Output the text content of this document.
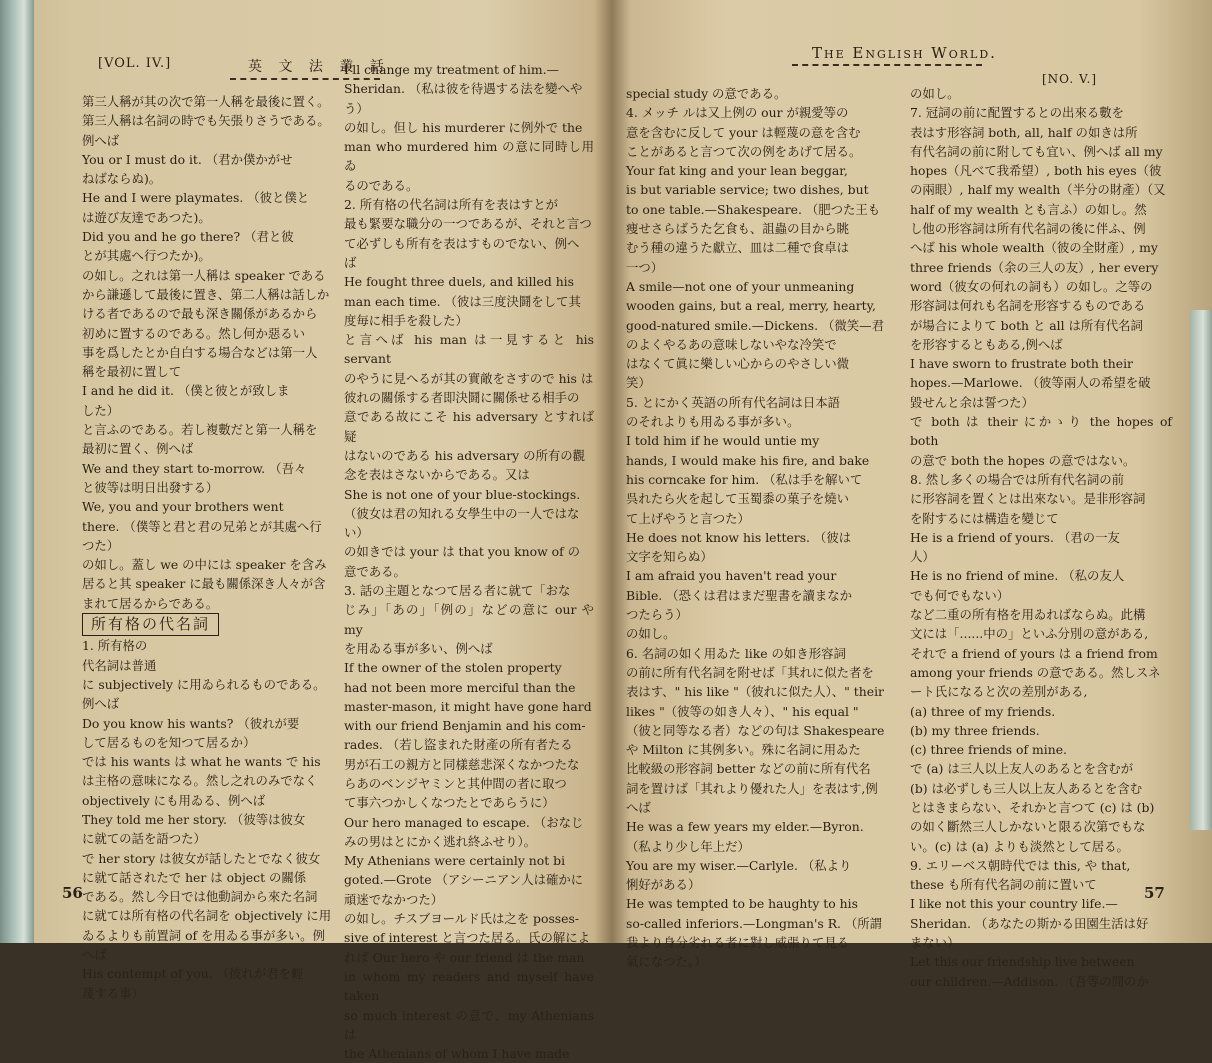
[VOL. IV.]	英 文 法 叢 話

第三人稱が其の次で第一人稱を最後に置く。

第三人稱は名詞の時でも矢張りさうである。

例へば

You or I must do it. （君か僕かがせ

ねばならぬ)。

He and I were playmates. （彼と僕と

は遊び友達であつた)。

Did you and he go there? （君と彼

とが其處へ行つたか)。

の如し。之れは第一人稱は speaker である

から謙遜して最後に置き、第二人稱は話しか

ける者であるので最も深き關係があるから

初めに置するのである。然し何か惡るい

事を爲したとか自白する場合などは第一人

稱を最初に置して

I and he did it. （僕と彼とが致しま

した）

と言ふのである。若し複數だと第一人稱を

最初に置く、例へば

We and they start to-morrow. （吾々

と彼等は明日出發する）

We, you and your brothers went

there. （僕等と君と君の兄弟とが其處へ行

つた）

の如し。蓋し we の中には speaker を含み

居ると其 speaker に最も關係深き人々が含

まれて居るからである。

所有格の代名詞

1. 所有格の

代名詞は普通

に subjectively に用ゐられるものである。

例へば

Do you know his wants? （彼れが要

して居るものを知つて居るか）

では his wants は what he wants で his

は主格の意味になる。然し之れのみでなく

objectively にも用ゐる、例へば

They told me her story. （彼等は彼女

に就ての話を語つた）

で her story は彼女が話したとでなく彼女

に就て話されたで her は object の關係

である。然し今日では他動詞から來た名詞

に就ては所有格の代名詞を objectively に用

ゐるよりも前置詞 of を用ゐる事が多い。例

へば

His contempt of you. （彼れが君を輕

蔑する事）

I'll change my treatment of him.—

Sheridan. （私は彼を待遇する法を變へや

う）

の如し。但し his murderer に例外で the

man who murdered him の意に同時し用ゐ

るのである。

2. 所有格の代名詞は所有を表はすとが

最も緊要な職分の一つであるが、それと言つ

て必ずしも所有を表はすものでない、例へ

ば

He fought three duels, and killed his

man each time. （彼は三度決鬪をして其

度毎に相手を殺した）

と言へば his man は一見すると his servant

のやうに見へるが其の實敵をさすので his は

彼れの關係する者即決鬪に關係せる相手の

意である故にこそ his adversary とすれば疑

はないのである his adversary の所有の觀

念を表はさないからである。又は

She is not one of your blue-stockings.

（彼女は君の知れる女學生中の一人ではな

い）

の如きでは your は that you know of の

意である。

3. 話の主題となつて居る者に就て「おな

じみ」「あの」「例の」などの意に our や my

を用ゐる事が多い、例へば

If the owner of the stolen property

had not been more merciful than the

master-mason, it might have gone hard

with our friend Benjamin and his com-

rades. （若し盜まれた財產の所有者たる

男が石工の親方と同樣慈悲深くなかつたな

らあのベンジヤミンと其仲間の者に取つ

て事六つかしくなつたとであらうに）

Our hero managed to escape. （おなじ

みの男はとにかく逃れ終ふせり）。

My Athenians were certainly not bi

goted.—Grote （アシーニアン人は確かに

頑迷でなかつた）

の如し。チスブヨールド氏は之を posses-

sive of interest と言つた居る。氏の解によ

れば Our hero や our friend は the man

in whom my readers and myself have taken

so much interest の意で、my Athenians は

the Athenians of whom I have made

56
The English World.
[NO. V.]

special study の意である。

4. メッチ ルは又上例の our が親愛等の

意を含むに反して your は輕蔑の意を含む

ことがあると言つて次の例をあげて居る。

Your fat king and your lean beggar,

is but variable service; two dishes, but

to one table.—Shakespeare. （肥つた王も

痩せさらばうた乞食も、詛蟲の目から眺

むう種の違うた獻立、皿は二種で食卓は

一つ）

A smile—not one of your unmeaning

wooden gains, but a real, merry, hearty,

good-natured smile.—Dickens. （微笑—君

のよくやるあの意味しないやな冷笑で

はなくて眞に樂しい心からのやさしい微

笑）

5. とにかく英語の所有代名詞は日本語

のそれよりも用ゐる事が多い。

I told him if he would untie my

hands, I would make his fire, and bake

his corncake for him. （私は手を解いて

呉れたら火を起して玉蜀黍の菓子を燒い

て上げやうと言つた）

He does not know his letters. （彼は

文字を知らぬ）

I am afraid you haven't read your

Bible. （恐くは君はまだ聖書を讀まなか

つたらう）

の如し。

6. 名詞の如く用ゐた like の如き形容詞

の前に所有代名詞を附せば「其れに似た者を

表はす、" his like "（彼れに似た人）、" their

likes "（彼等の如き人々）、" his equal "

（彼と同等なる者）などの句は Shakespeare

や Milton に其例多い。殊に名詞に用ゐた

比較級の形容詞 better などの前に所有代名

詞を置けば「其れより優れた人」を表はす,例

へば

He was a few years my elder.—Byron.

（私より少し年上だ）

You are my wiser.—Carlyle. （私より

悧好がある）

He was tempted to be haughty to his

so-called inferiors.—Longman's R. （所謂

我より身分劣れる者に對し威張りて見る

氣になつた。）

の如し。

7. 冠詞の前に配置するとの出來る數を

表はす形容詞 both, all, half の如きは所

有代名詞の前に附しても宜い、例へば all my

hopes（凡べて我希望）, both his eyes（彼

の兩眼）, half my wealth（半分の財產）（又

half of my wealth とも言ふ）の如し。然

し他の形容詞は所有代名詞の後に伴ふ、例

へば his whole wealth（彼の全財產）, my

three friends（余の三人の友）, her every

word（彼女の何れの詞も）の如し。之等の

形容詞は何れも名詞を形容するものである

が場合によりて both と all は所有代名詞

を形容するともある,例へば

I have sworn to frustrate both their

hopes.—Marlowe. （彼等兩人の希望を破

毀せんと余は誓つた）

で both は their にかゝり the hopes of both

の意で both the hopes の意ではない。

8. 然し多くの場合では所有代名詞の前

に形容詞を置くとは出來ない。是非形容詞

を附するには構造を變じて

He is a friend of yours. （君の一友

人）

He is no friend of mine. （私の友人

でも何でもない）

など二重の所有格を用ゐればならぬ。此構

文には「......中の」といふ分別の意がある,

それで a friend of yours は a friend from

among your friends の意である。然しスネ

ート氏になると次の差別がある,

(a) three of my friends.

(b) my three friends.

(c) three friends of mine.

で (a) は三人以上友人のあるとを含むが

(b) は必ずしも三人以上友人あるとを含む

とはきまらない、それかと言つて (c) は (b)

の如く斷然三人しかないと限る次第でもな

い。(c) は (a) よりも淡然として居る。

9. エリーベス朝時代では this, や that,

these も所有代名詞の前に置いて

I like not this your country life.—

Sheridan. （あなたの斯かる田園生活は好

まない）

Let this our friendship live between

our children.—Addison. （吾等の間のか

57
